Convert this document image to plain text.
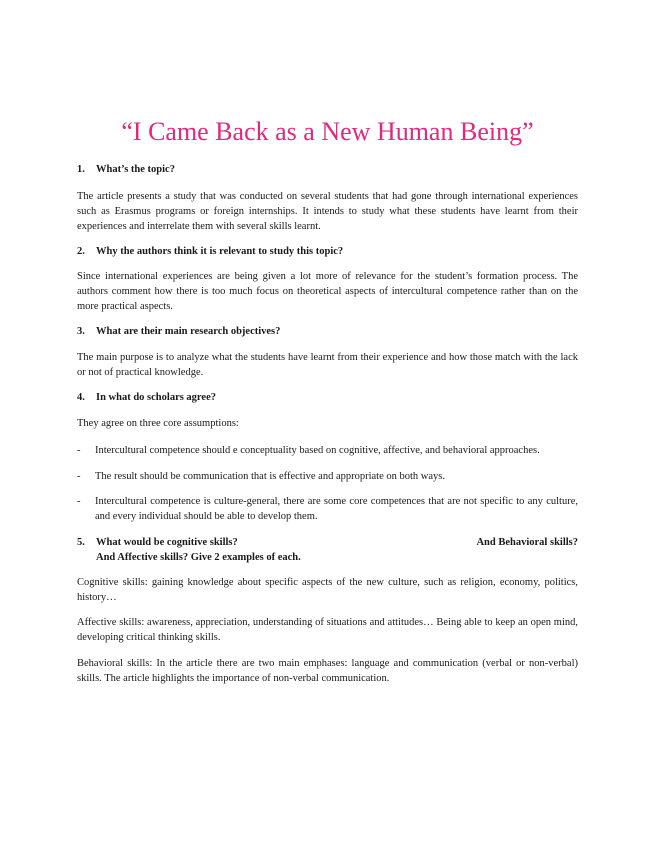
“I Came Back as a New Human Being”
1. What’s the topic?
The article presents a study that was conducted on several students that had gone through international experiences such as Erasmus programs or foreign internships. It intends to study what these students have learnt from their experiences and interrelate them with several skills learnt.
2. Why the authors think it is relevant to study this topic?
Since international experiences are being given a lot more of relevance for the student’s formation process. The authors comment how there is too much focus on theoretical aspects of intercultural competence rather than on the more practical aspects.
3. What are their main research objectives?
The main purpose is to analyze what the students have learnt from their experience and how those match with the lack or not of practical knowledge.
4. In what do scholars agree?
They agree on three core assumptions:
- Intercultural competence should e conceptuality based on cognitive, affective, and behavioral approaches.
- The result should be communication that is effective and appropriate on both ways.
- Intercultural competence is culture-general, there are some core competences that are not specific to any culture, and every individual should be able to develop them.
5. What would be cognitive skills?	And Behavioral skills?
And Affective skills? Give 2 examples of each.
Cognitive skills: gaining knowledge about specific aspects of the new culture, such as religion, economy, politics, history…
Affective skills: awareness, appreciation, understanding of situations and attitudes… Being able to keep an open mind, developing critical thinking skills.
Behavioral skills: In the article there are two main emphases: language and communication (verbal or non-verbal) skills. The article highlights the importance of non-verbal communication.
